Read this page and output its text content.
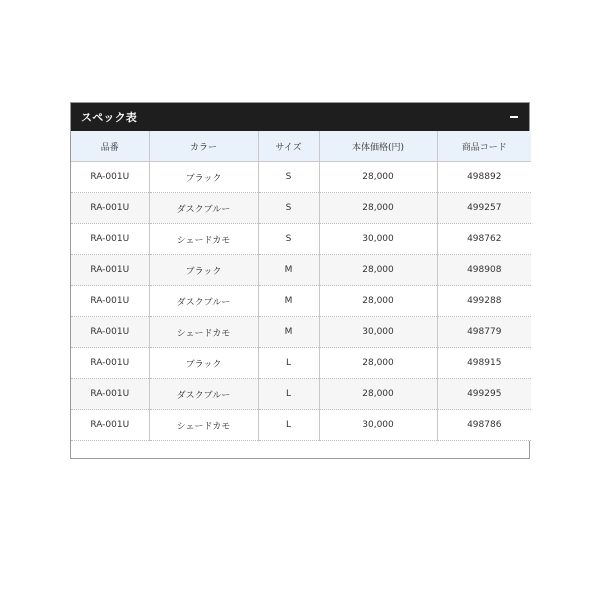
スペック表
品番	カラー	サイズ	本体価格(円)	商品コード
RA-001U	ブラック	S	28,000	498892
RA-001U	ダスクブルー	S	28,000	499257
RA-001U	シェードカモ	S	30,000	498762
RA-001U	ブラック	M	28,000	498908
RA-001U	ダスクブルー	M	28,000	499288
RA-001U	シェードカモ	M	30,000	498779
RA-001U	ブラック	L	28,000	498915
RA-001U	ダスクブルー	L	28,000	499295
RA-001U	シェードカモ	L	30,000	498786
